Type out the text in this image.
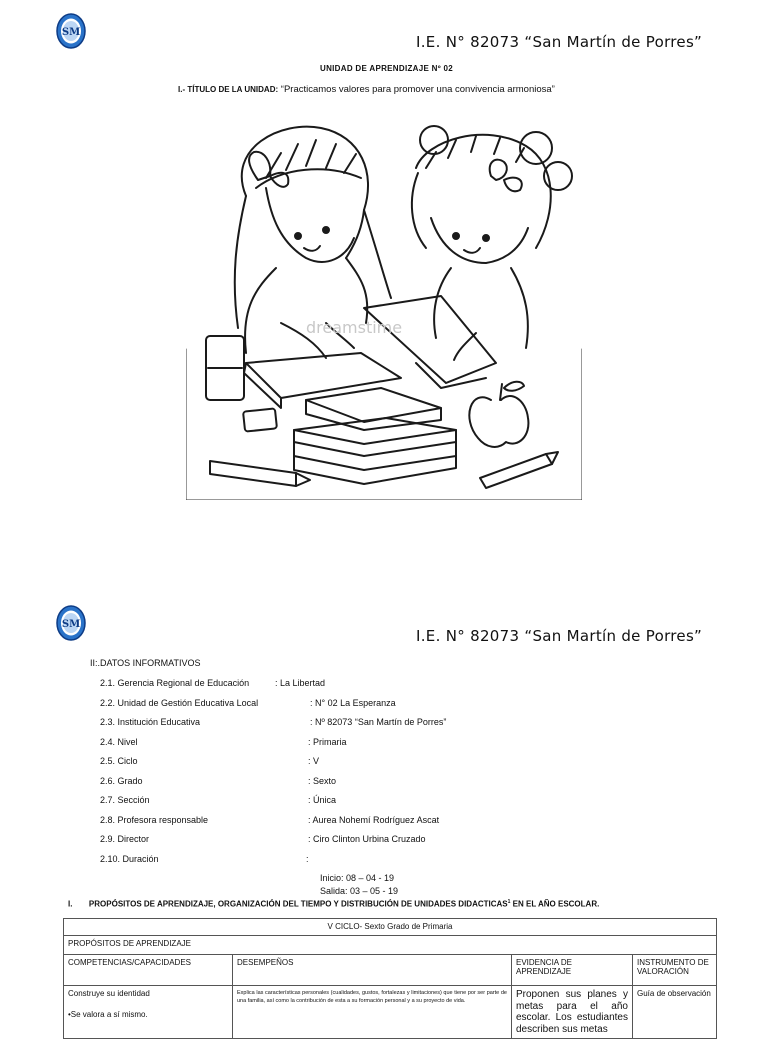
SM
I.E. N° 82073 “San Martín de Porres”
UNIDAD DE APRENDIZAJE Nº 02
I.- TÍTULO DE LA UNIDAD: “Practicamos valores para promover una convivencia armoniosa”
dreamstime
SM
I.E. N° 82073 “San Martín de Porres”
II:.DATOS INFORMATIVOS
2.1. Gerencia Regional de Educación	: La Libertad
2.2. Unidad de Gestión Educativa Local	: N° 02 La Esperanza
2.3. Institución Educativa	: Nº 82073 “San Martín de Porres”
2.4. Nivel	: Primaria
2.5. Ciclo	: V
2.6. Grado	: Sexto
2.7. Sección	: Única
2.8. Profesora responsable	: Aurea Nohemí Rodríguez Ascat
2.9. Director	: Ciro Clinton Urbina Cruzado
2.10. Duración	:
Inicio: 08 – 04 - 19
Salida: 03 – 05 - 19
I. PROPÓSITOS DE APRENDIZAJE, ORGANIZACIÓN DEL TIEMPO Y DISTRIBUCIÓN DE UNIDADES DIDACTICAS$^1$ EN EL AÑO ESCOLAR.
V CICLO- Sexto Grado de Primaria			
PROPÓSITOS DE APRENDIZAJE			
COMPETENCIAS/CAPACIDADES	DESEMPEÑOS	EVIDENCIA DE APRENDIZAJE	INSTRUMENTO DE VALORACIÓN

Construye su identidad
•Se valora a sí mismo.	Explica las características personales (cualidades, gustos, fortalezas y limitaciones) que tiene por ser parte de una familia, así como la contribución de esta a su formación personal y a su proyecto de vida.	Proponen sus planes y metas para el año escolar. Los estudiantes describen sus metas	Guía de observación
